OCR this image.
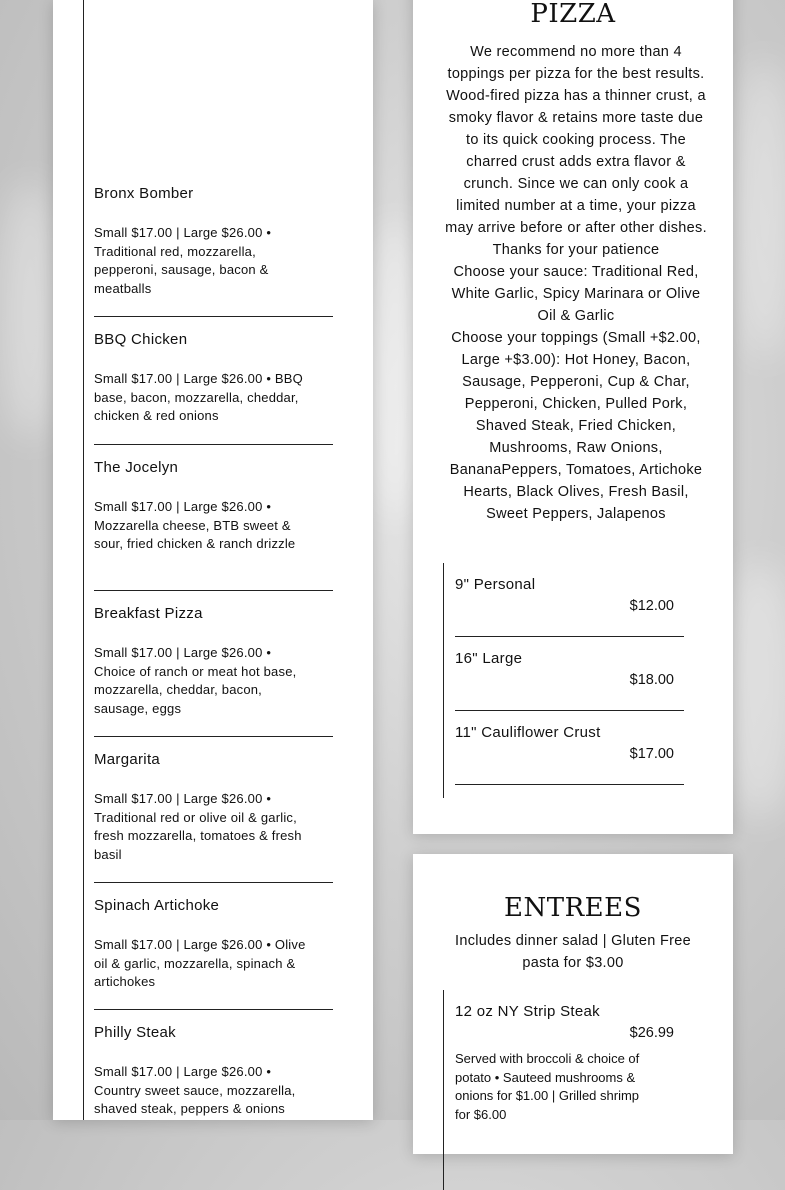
Bronx Bomber

Small $17.00 | Large $26.00 • Traditional red, mozzarella, pepperoni, sausage, bacon & meatballs

BBQ Chicken

Small $17.00 | Large $26.00 • BBQ base, bacon, mozzarella, cheddar, chicken & red onions

The Jocelyn

Small $17.00 | Large $26.00 • Mozzarella cheese, BTB sweet & sour, fried chicken & ranch drizzle

Breakfast Pizza

Small $17.00 | Large $26.00 • Choice of ranch or meat hot base, mozzarella, cheddar, bacon, sausage, eggs

Margarita

Small $17.00 | Large $26.00 • Traditional red or olive oil & garlic, fresh mozzarella, tomatoes & fresh basil

Spinach Artichoke

Small $17.00 | Large $26.00 • Olive oil & garlic, mozzarella, spinach & artichokes

Philly Steak

Small $17.00 | Large $26.00 • Country sweet sauce, mozzarella, shaved steak, peppers & onions

PIZZA

We recommend no more than 4 toppings per pizza for the best results. Wood-fired pizza has a thinner crust, a smoky flavor & retains more taste due to its quick cooking process. The charred crust adds extra flavor & crunch. Since we can only cook a limited number at a time, your pizza may arrive before or after other dishes. Thanks for your patience

Choose your sauce: Traditional Red, White Garlic, Spicy Marinara or Olive Oil & Garlic

Choose your toppings (Small +$2.00, Large +$3.00): Hot Honey, Bacon, Sausage, Pepperoni, Cup & Char, Pepperoni, Chicken, Pulled Pork, Shaved Steak, Fried Chicken, Mushrooms, Raw Onions, BananaPeppers, Tomatoes, Artichoke Hearts, Black Olives, Fresh Basil, Sweet Peppers, Jalapenos

9" Personal
$12.00
16" Large
$18.00
11" Cauliflower Crust
$17.00

ENTREES

Includes dinner salad | Gluten Free pasta for $3.00

12 oz NY Strip Steak
$26.99
Served with broccoli & choice of potato • Sauteed mushrooms & onions for $1.00 | Grilled shrimp for $6.00
